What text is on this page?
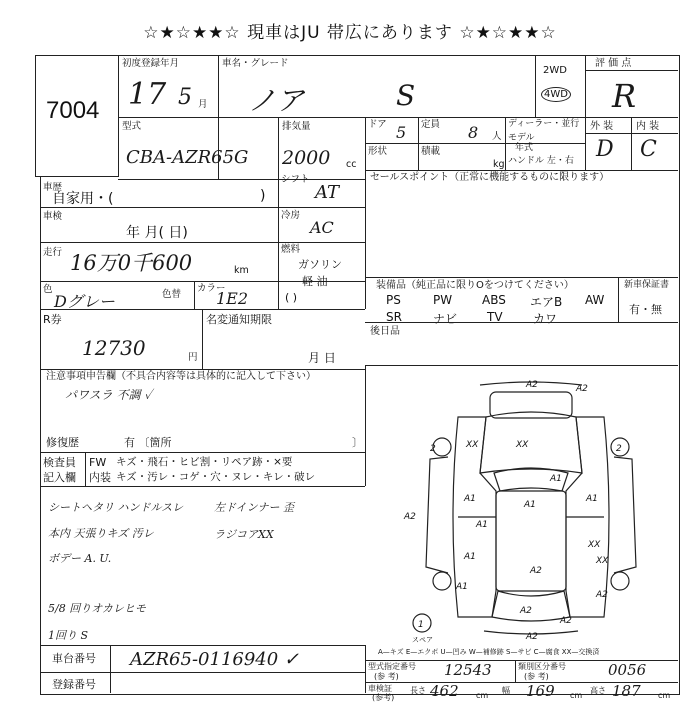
☆★☆★★☆ 現車はJU 帯広にあります ☆★☆★★☆
7004
初度登録年月
17 5 月
車名・グレード
ノア	S
2WD
4WD
評 価 点
R
型式
CBA-AZR65G
排気量
2000 cc
ドア 5 定員 8 人
ディーラー・並行
モデル
年式
ハンドル 左・右
形状	積載
kg
外 装 内 装
D C
車歴
自家用・(	)
車検
年 月( 日)
走行 16万0千600	km
色
Dグレー	色替
カラー
1E2
シフト
AT
冷房
AC
燃料
ガソリン
軽 油
( )
セールスポイント（正常に機能するものに限ります）
装備品（純正品に限りOをつけてください）	新車保証書
有・無
PS	PW ABS エアB AW
SR	ナビ TV	カワ
後日品
R券
12730	円
名変通知期限
月 日
注意事項申告欄（不具合内容等は具体的に記入して下さい）
パワスラ 不調 ✓
修復歴	有 〔箇所	〕
検査員
記入欄
FW キズ・飛石・ヒビ割・リペア跡・×要
内装 キズ・汚レ・コゲ・穴・ヌレ・キレ・破レ
シートヘタリ ハンドルスレ
本内 天張りキズ 汚レ
ボデー A. U.
5/8 回りオカレヒモ
1回り S
左ドインナー 歪
ラジコアXX
車台番号 AZR65-0116940 ✓
登録番号
型式指定番号
(参 考)	12543	類別区分番号
(参 考)	0056
車検証
(参考)
長さ 462 cm
幅 169 cm
高さ 187 cm
A2	A2
XX
XX
2	2
A1
A1
A1
A2
A1
A1
XX
XX
A1
A2
A1
A2
1
A2
A2
A2
スペア
A—キズ E—エクボ U—凹み W—補修跡 S—サビ C—腐食 XX—交換済
